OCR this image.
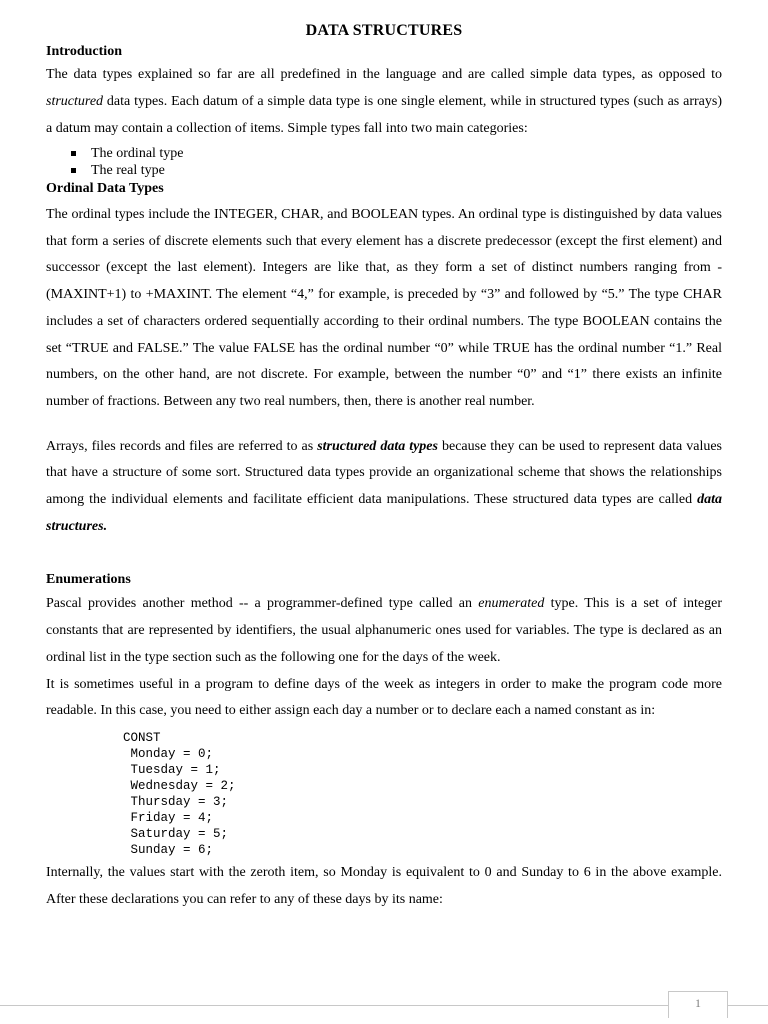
DATA STRUCTURES
Introduction

The data types explained so far are all predefined in the language and are called simple data types, as opposed to structured data types. Each datum of a simple data type is one single element, while in structured types (such as arrays) a datum may contain a collection of items. Simple types fall into two main categories:

The ordinal type
The real type
Ordinal Data Types

The ordinal types include the INTEGER, CHAR, and BOOLEAN types. An ordinal type is distinguished by data values that form a series of discrete elements such that every element has a discrete predecessor (except the first element) and successor (except the last element). Integers are like that, as they form a set of distinct numbers ranging from -(MAXINT+1) to +MAXINT. The element “4,” for example, is preceded by “3” and followed by “5.” The type CHAR includes a set of characters ordered sequentially according to their ordinal numbers. The type BOOLEAN contains the set “TRUE and FALSE.” The value FALSE has the ordinal number “0” while TRUE has the ordinal number “1.” Real numbers, on the other hand, are not discrete. For example, between the number “0” and “1” there exists an infinite number of fractions. Between any two real numbers, then, there is another real number.

Arrays, files records and files are referred to as structured data types because they can be used to represent data values that have a structure of some sort. Structured data types provide an organizational scheme that shows the relationships among the individual elements and facilitate efficient data manipulations. These structured data types are called data structures.

Enumerations

Pascal provides another method -- a programmer-defined type called an enumerated type. This is a set of integer constants that are represented by identifiers, the usual alphanumeric ones used for variables. The type is declared as an ordinal list in the type section such as the following one for the days of the week.

It is sometimes useful in a program to define days of the week as integers in order to make the program code more readable. In this case, you need to either assign each day a number or to declare each a named constant as in:

CONST
Monday = 0;
Tuesday = 1;
Wednesday = 2;
Thursday = 3;
Friday = 4;
Saturday = 5;
Sunday = 6;

Internally, the values start with the zeroth item, so Monday is equivalent to 0 and Sunday to 6 in the above example. After these declarations you can refer to any of these days by its name:

1
